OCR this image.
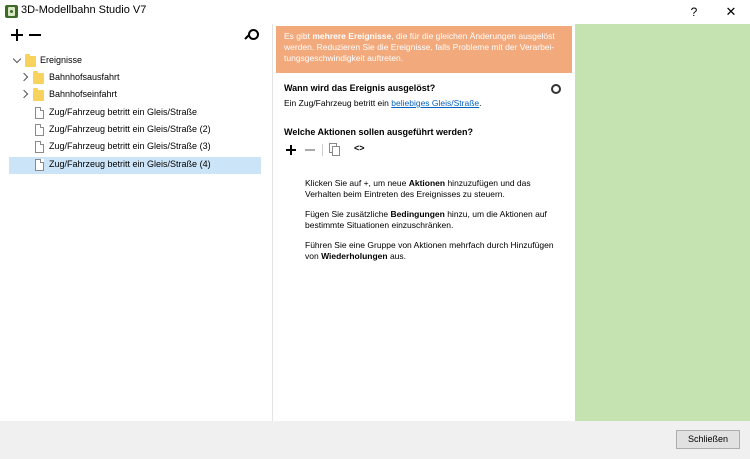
3D-Modellbahn Studio V7	?	✕
Ereignisse
Bahnhofsausfahrt
Bahnhofseinfahrt
Zug/Fahrzeug betritt ein Gleis/Straße
Zug/Fahrzeug betritt ein Gleis/Straße (2)
Zug/Fahrzeug betritt ein Gleis/Straße (3)
Zug/Fahrzeug betritt ein Gleis/Straße (4)
Es gibt mehrere Ereignisse, die für die gleichen Änderungen ausgelöst werden. Reduzieren Sie die Ereignisse, falls Probleme mit der Verarbei-tungsgeschwindigkeit auftreten.
Wann wird das Ereignis ausgelöst?
Ein Zug/Fahrzeug betritt ein beliebiges Gleis/Straße.
Welche Aktionen sollen ausgeführt werden?
<>
Klicken Sie auf +, um neue Aktionen hinzuzufügen und das Verhalten beim Eintreten des Ereignisses zu steuern.
Fügen Sie zusätzliche Bedingungen hinzu, um die Aktionen auf bestimmte Situationen einzuschränken.
Führen Sie eine Gruppe von Aktionen mehrfach durch Hinzufügen von Wiederholungen aus.
Schließen
